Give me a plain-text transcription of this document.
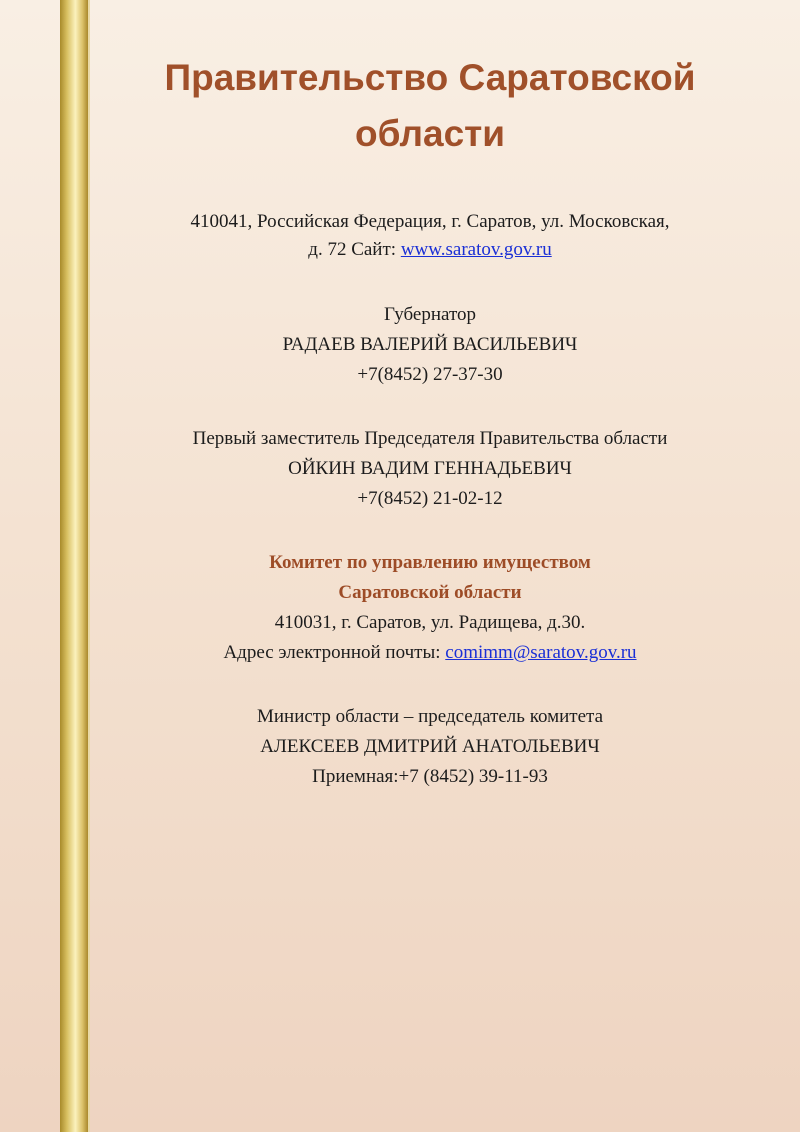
Правительство Саратовской
области

410041, Российская Федерация, г. Саратов, ул. Московская,

д. 72 Сайт: www.saratov.gov.ru

Губернатор

РАДАЕВ ВАЛЕРИЙ ВАСИЛЬЕВИЧ

+7(8452) 27-37-30

Первый заместитель Председателя Правительства области

ОЙКИН ВАДИМ ГЕННАДЬЕВИЧ

+7(8452) 21-02-12

Комитет по управлению имуществом

Саратовской области

410031, г. Саратов, ул. Радищева, д.30.

Адрес электронной почты: comimm@saratov.gov.ru

Министр области – председатель комитета

АЛЕКСЕЕВ ДМИТРИЙ АНАТОЛЬЕВИЧ

Приемная:+7 (8452) 39-11-93
